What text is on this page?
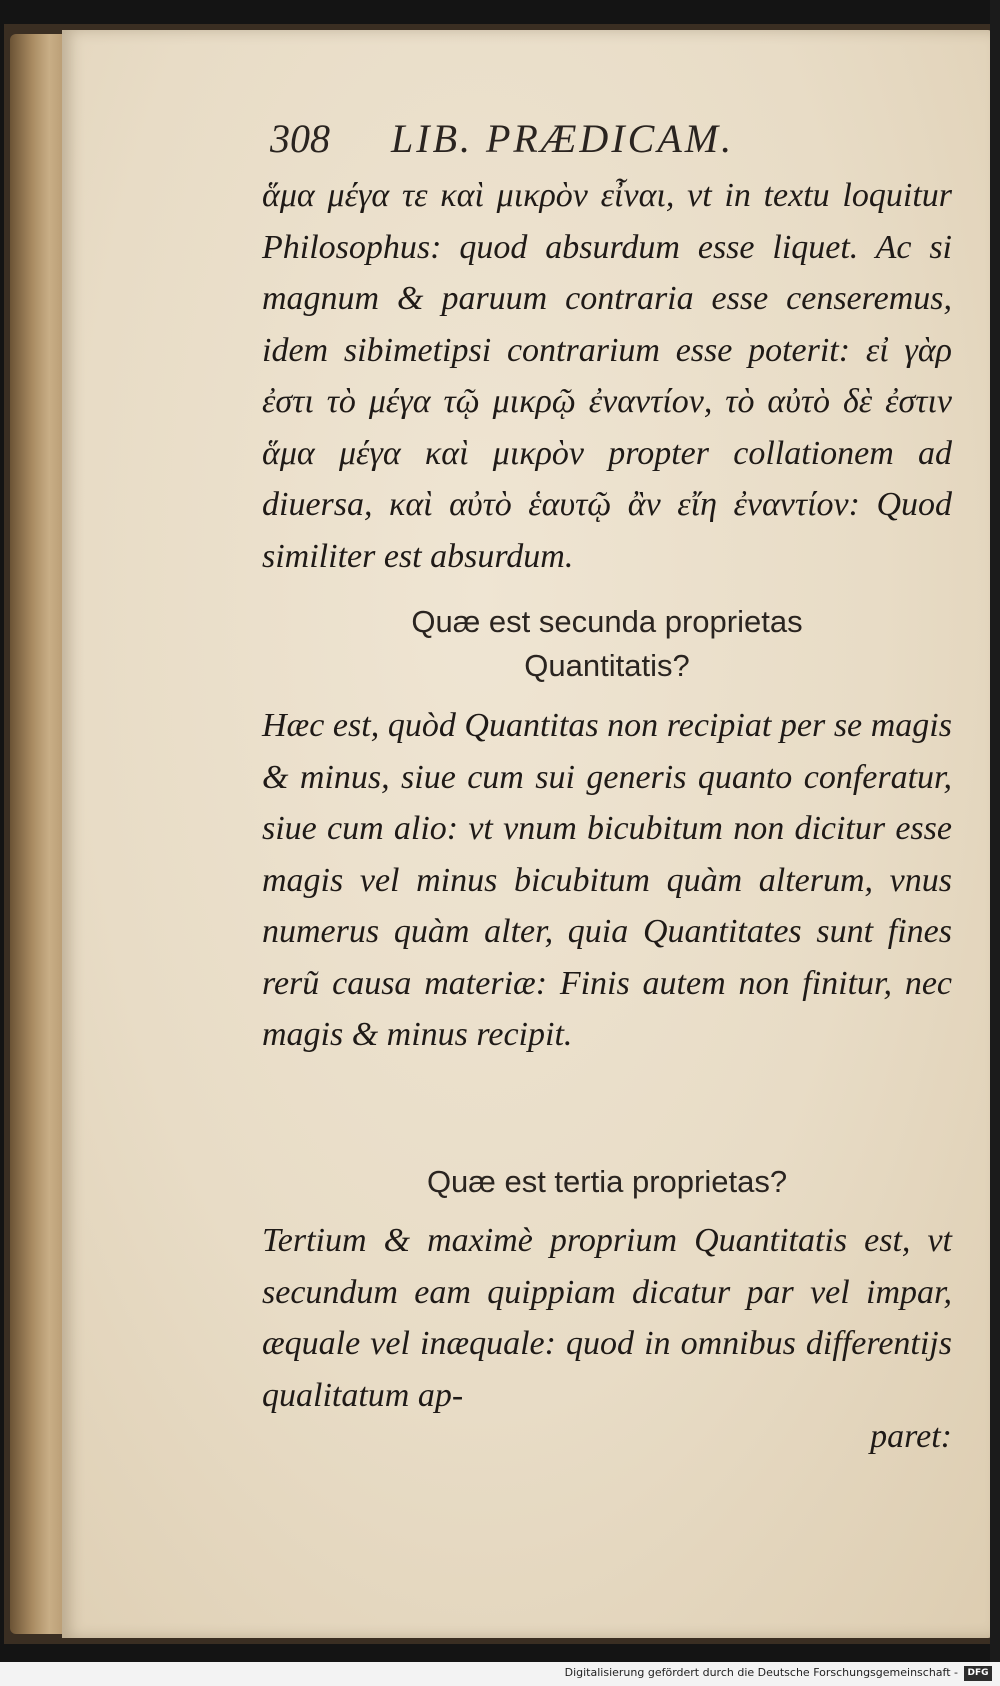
308 LIB. PRÆDICAM.
ἅμα μέγα τε καὶ μικρὸν εἶναι, vt in textu loquitur Philosophus: quod absurdum esse liquet. Ac si magnum & paruum contraria esse censeremus, idem sibimetipsi contrarium esse poterit: εἰ γὰρ ἐστι τὸ μέγα τῷ μικρῷ ἐναντίον, τὸ αὐτὸ δὲ ἐστιν ἅμα μέγα καὶ μικρὸν propter collationem ad diuersa, καὶ αὐτὸ ἑαυτῷ ἂν εἴη ἐναντίον: Quod similiter est absurdum.
Quæ est secunda proprietas
Quantitatis?
Hæc est, quòd Quantitas non recipiat per se magis & minus, siue cum sui generis quanto conferatur, siue cum alio: vt vnum bicubitum non dicitur esse magis vel minus bicubitum quàm alterum, vnus numerus quàm alter, quia Quantitates sunt fines rerũ causa materiæ: Finis autem non finitur, nec magis & minus recipit.
Quæ est tertia proprietas?
Tertium & maximè proprium Quantitatis est, vt secundum eam quippiam dicatur par vel impar, æquale vel inæquale: quod in omnibus differentijs qualitatum ap-
paret:
Digitalisierung gefördert durch die Deutsche Forschungsgemeinschaft -	DFG
